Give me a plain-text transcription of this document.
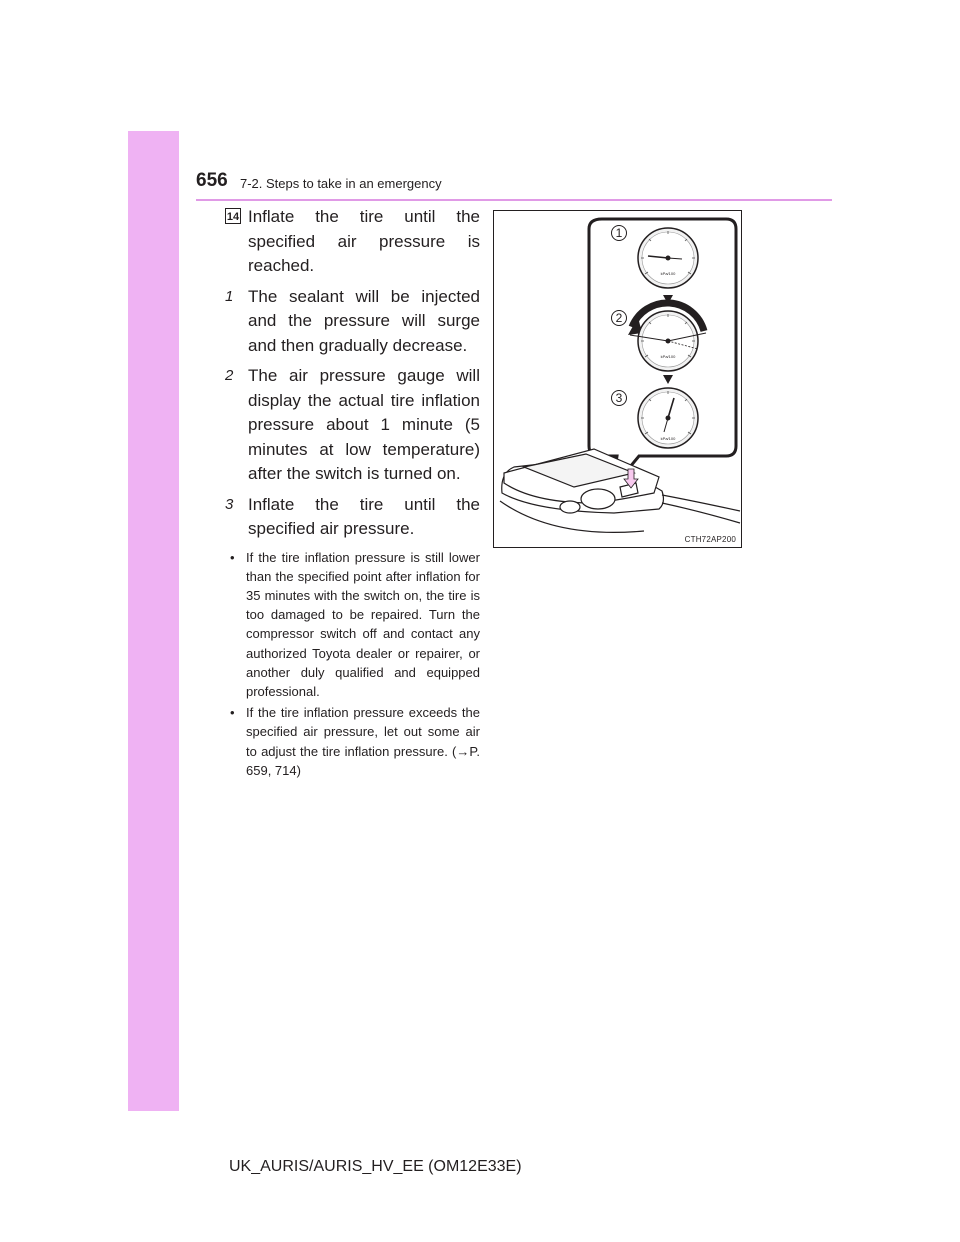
656 7-2. Steps to take in an emergency
14 Inflate the tire until the specified air pressure is reached.
1 The sealant will be injected and the pressure will surge and then gradually decrease.
2 The air pressure gauge will display the actual tire inflation pressure about 1 minute (5 minutes at low temperature) after the switch is turned on.
3 Inflate the tire until the specified air pressure.
• If the tire inflation pressure is still lower than the specified point after inflation for 35 minutes with the switch on, the tire is too damaged to be repaired. Turn the compressor switch off and contact any authorized Toyota dealer or repairer, or another duly qualified and equipped professional.
• If the tire inflation pressure exceeds the specified air pressure, let out some air to adjust the tire inflation pressure. (→P. 659, 714)
1
2
3
kPa/100
kPa/100
kPa/100
CTH72AP200
UK_AURIS/AURIS_HV_EE (OM12E33E)
